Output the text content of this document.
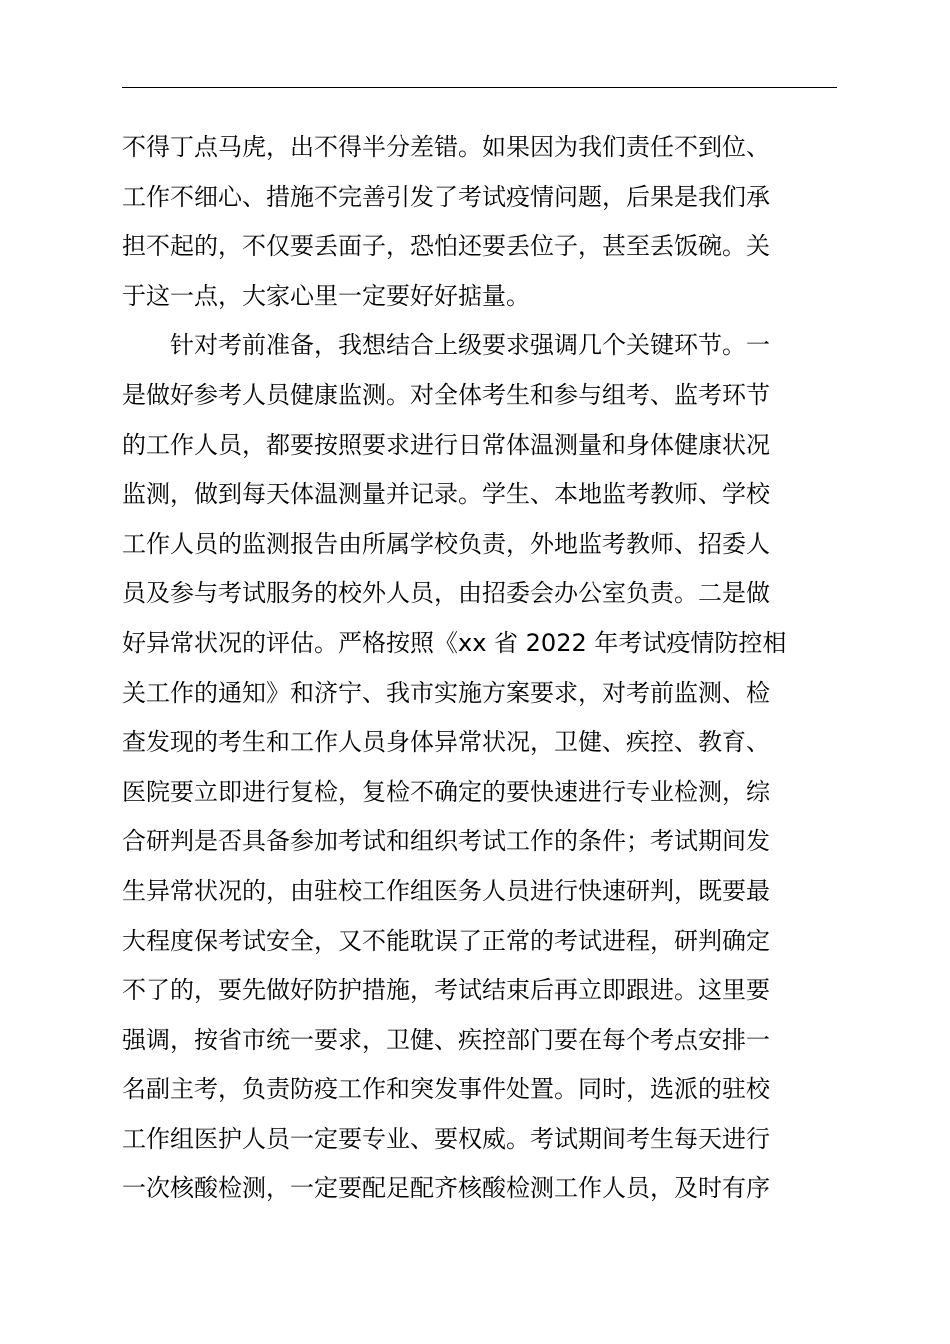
不得丁点马虎，出不得半分差错。如果因为我们责任不到位、
工作不细心、措施不完善引发了考试疫情问题，后果是我们承
担不起的，不仅要丢面子，恐怕还要丢位子，甚至丢饭碗。关
于这一点，大家心里一定要好好掂量。
针对考前准备，我想结合上级要求强调几个关键环节。一
是做好参考人员健康监测。对全体考生和参与组考、监考环节
的工作人员，都要按照要求进行日常体温测量和身体健康状况
监测，做到每天体温测量并记录。学生、本地监考教师、学校
工作人员的监测报告由所属学校负责，外地监考教师、招委人
员及参与考试服务的校外人员，由招委会办公室负责。二是做
好异常状况的评估。严格按照《xx 省 2022 年考试疫情防控相
关工作的通知》和济宁、我市实施方案要求，对考前监测、检
查发现的考生和工作人员身体异常状况，卫健、疾控、教育、
医院要立即进行复检，复检不确定的要快速进行专业检测，综
合研判是否具备参加考试和组织考试工作的条件；考试期间发
生异常状况的，由驻校工作组医务人员进行快速研判，既要最
大程度保考试安全，又不能耽误了正常的考试进程，研判确定
不了的，要先做好防护措施，考试结束后再立即跟进。这里要
强调，按省市统一要求，卫健、疾控部门要在每个考点安排一
名副主考，负责防疫工作和突发事件处置。同时，选派的驻校
工作组医护人员一定要专业、要权威。考试期间考生每天进行
一次核酸检测，一定要配足配齐核酸检测工作人员，及时有序
